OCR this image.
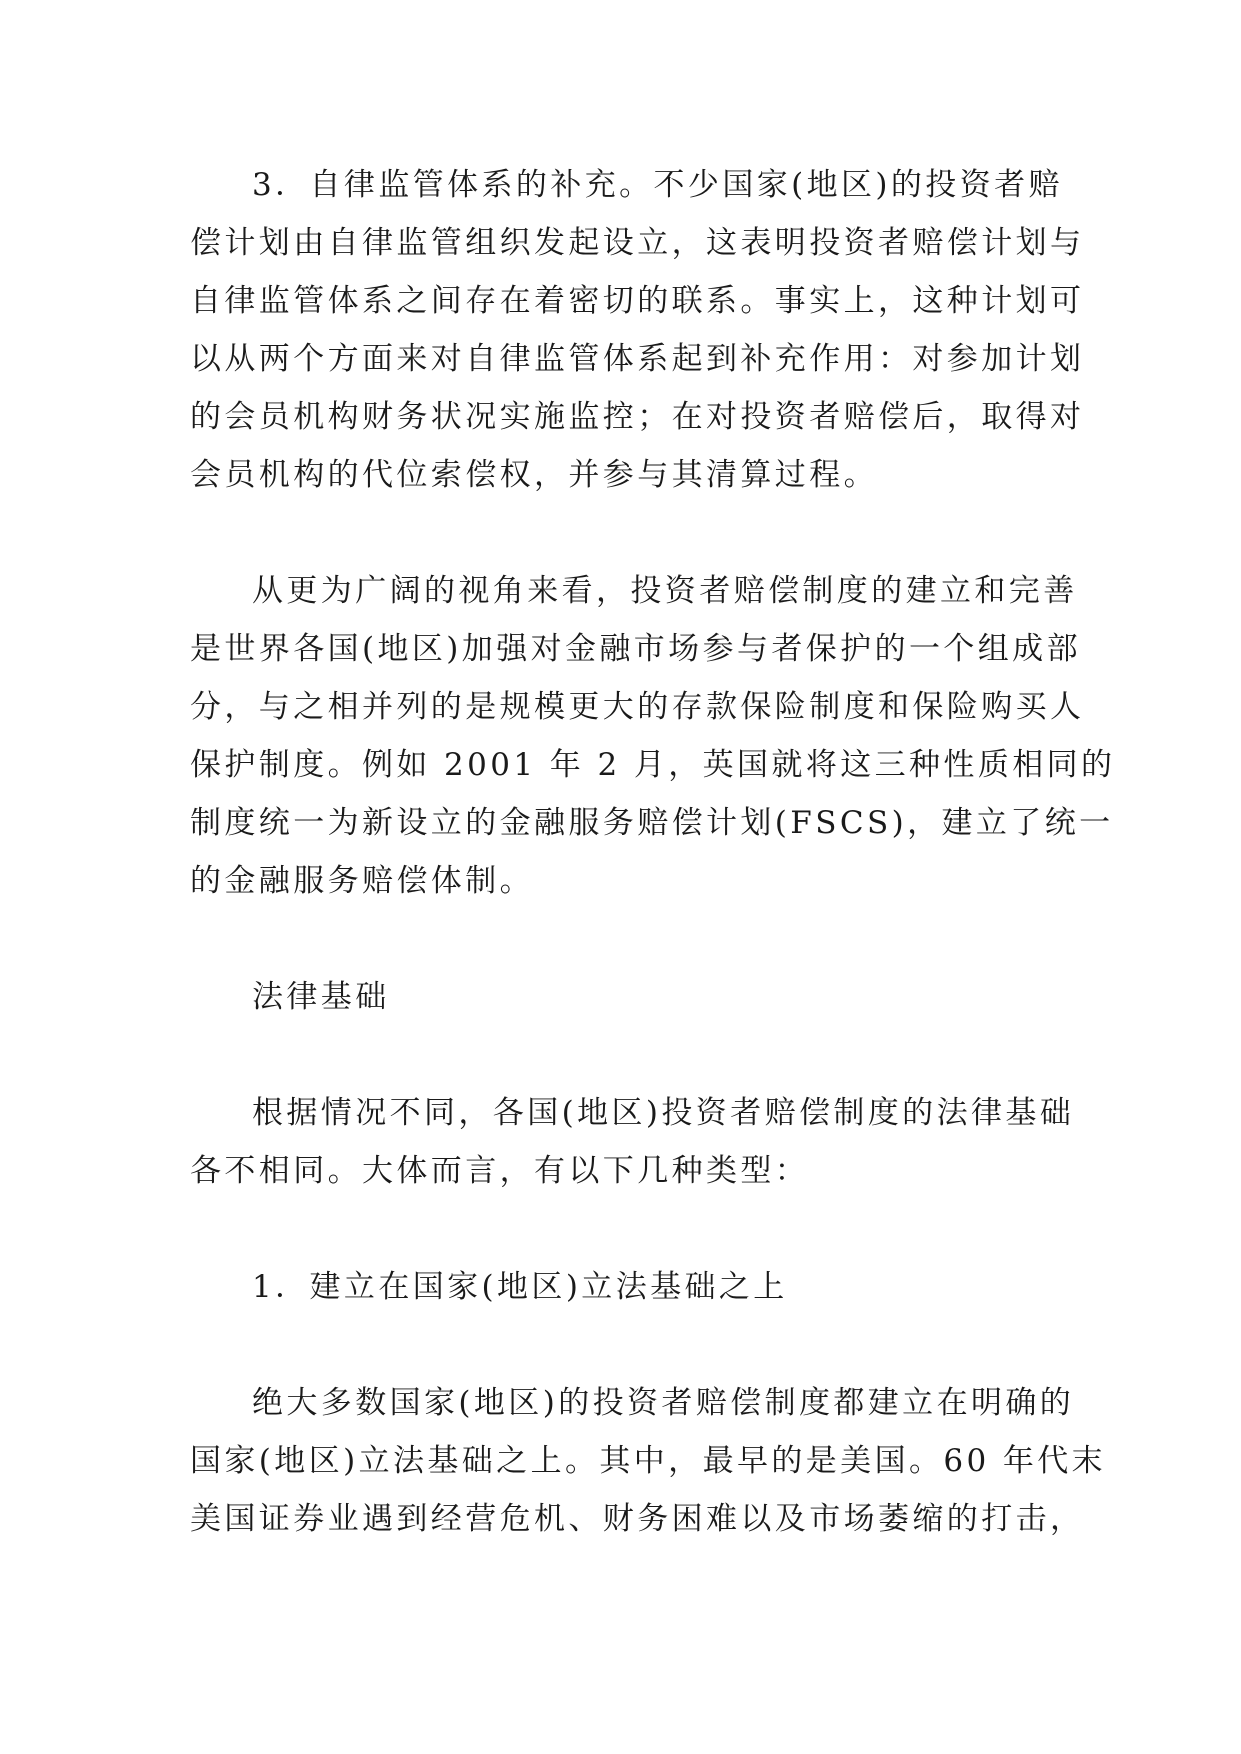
3．自律监管体系的补充。不少国家(地区)的投资者赔
偿计划由自律监管组织发起设立，这表明投资者赔偿计划与
自律监管体系之间存在着密切的联系。事实上，这种计划可
以从两个方面来对自律监管体系起到补充作用：对参加计划
的会员机构财务状况实施监控；在对投资者赔偿后，取得对
会员机构的代位索偿权，并参与其清算过程。
从更为广阔的视角来看，投资者赔偿制度的建立和完善
是世界各国(地区)加强对金融市场参与者保护的一个组成部
分，与之相并列的是规模更大的存款保险制度和保险购买人
保护制度。例如 2001 年 2 月，英国就将这三种性质相同的
制度统一为新设立的金融服务赔偿计划(FSCS)，建立了统一
的金融服务赔偿体制。
法律基础
根据情况不同，各国(地区)投资者赔偿制度的法律基础
各不相同。大体而言，有以下几种类型：
1．建立在国家(地区)立法基础之上
绝大多数国家(地区)的投资者赔偿制度都建立在明确的
国家(地区)立法基础之上。其中，最早的是美国。60 年代末
美国证券业遇到经营危机、财务困难以及市场萎缩的打击，
